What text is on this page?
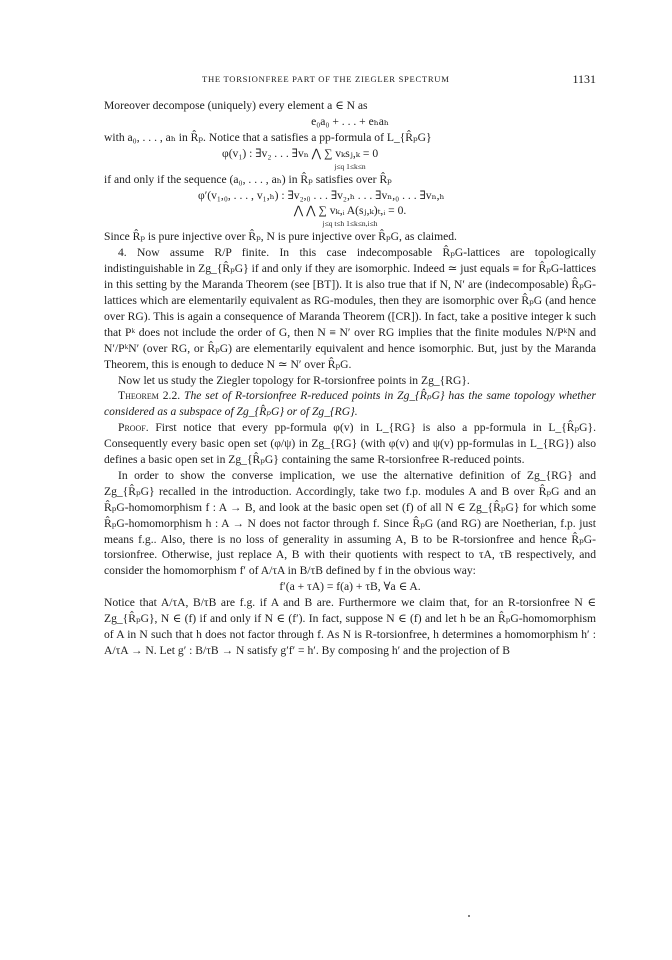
THE TORSIONFREE PART OF THE ZIEGLER SPECTRUM	1131

Moreover decompose (uniquely) every element a ∈ N as

e₀a₀ + . . . + eₕaₕ

with a₀, . . . , aₕ in R̂ₚ. Notice that a satisfies a pp-formula of L_{R̂ₚG}

φ(v₁) : ∃v₂ . . . ∃vₙ ⋀ ∑ vₖsⱼ,ₖ = 0

j≤q 1≤k≤n

if and only if the sequence (a₀, . . . , aₕ) in R̂ₚ satisfies over R̂ₚ

φ′(v₁,₀, . . . , v₁,ₕ) : ∃v₂,₀ . . . ∃v₂,ₕ . . . ∃vₙ,₀ . . . ∃vₙ,ₕ

⋀ ⋀ ∑ vₖ,ᵢ A(sⱼ,ₖ)ₜ,ᵢ = 0.

j≤q t≤h 1≤k≤n,i≤h

Since R̂ₚ is pure injective over R̂ₚ, N is pure injective over R̂ₚG, as claimed.

4. Now assume R/P finite. In this case indecomposable R̂ₚG-lattices are topologically indistinguishable in Zg_{R̂ₚG} if and only if they are isomorphic. Indeed ≃ just equals ≡ for R̂ₚG-lattices in this setting by the Maranda Theorem (see [BT]). It is also true that if N, N′ are (indecomposable) R̂ₚG-lattices which are elementarily equivalent as RG-modules, then they are isomorphic over R̂ₚG (and hence over RG). This is again a consequence of Maranda Theorem ([CR]). In fact, take a positive integer k such that Pᵏ does not include the order of G, then N ≡ N′ over RG implies that the finite modules N/PᵏN and N′/PᵏN′ (over RG, or R̂ₚG) are elementarily equivalent and hence isomorphic. But, just by the Maranda Theorem, this is enough to deduce N ≃ N′ over R̂ₚG.

Now let us study the Ziegler topology for R-torsionfree points in Zg_{RG}.

Theorem 2.2. The set of R-torsionfree R-reduced points in Zg_{R̂ₚG} has the same topology whether considered as a subspace of Zg_{R̂ₚG} or of Zg_{RG}.

Proof. First notice that every pp-formula φ(v) in L_{RG} is also a pp-formula in L_{R̂ₚG}. Consequently every basic open set (φ/ψ) in Zg_{RG} (with φ(v) and ψ(v) pp-formulas in L_{RG}) also defines a basic open set in Zg_{R̂ₚG} containing the same R-torsionfree R-reduced points.

In order to show the converse implication, we use the alternative definition of Zg_{RG} and Zg_{R̂ₚG} recalled in the introduction. Accordingly, take two f.p. modules A and B over R̂ₚG and an R̂ₚG-homomorphism f : A → B, and look at the basic open set (f) of all N ∈ Zg_{R̂ₚG} for which some R̂ₚG-homomorphism h : A → N does not factor through f. Since R̂ₚG (and RG) are Noetherian, f.p. just means f.g.. Also, there is no loss of generality in assuming A, B to be R-torsionfree and hence R̂ₚG-torsionfree. Otherwise, just replace A, B with their quotients with respect to τA, τB respectively, and consider the homomorphism f′ of A/τA in B/τB defined by f in the obvious way:

f′(a + τA) = f(a) + τB, ∀a ∈ A.

Notice that A/τA, B/τB are f.g. if A and B are. Furthermore we claim that, for an R-torsionfree N ∈ Zg_{R̂ₚG}, N ∈ (f) if and only if N ∈ (f′). In fact, suppose N ∈ (f) and let h be an R̂ₚG-homomorphism of A in N such that h does not factor through f. As N is R-torsionfree, h determines a homomorphism h′ : A/τA → N. Let g′ : B/τB → N satisfy g′f′ = h′. By composing h′ and the projection of B
